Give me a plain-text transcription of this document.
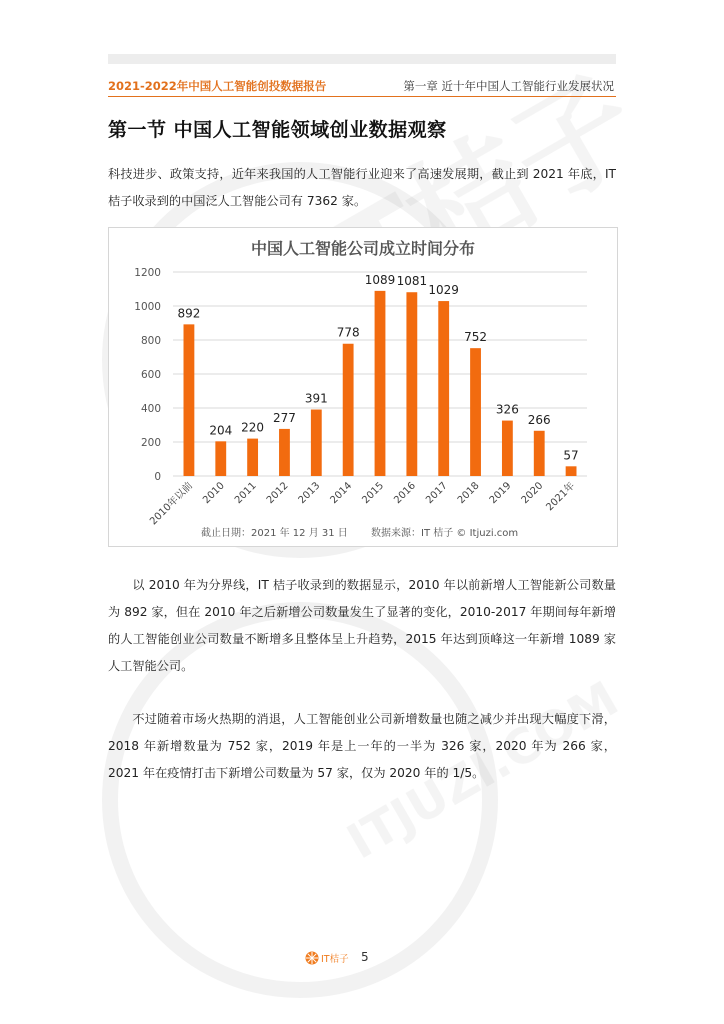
2021-2022年中国人工智能创投数据报告	第一章 近十年中国人工智能行业发展状况
第一节 中国人工智能领域创业数据观察

科技进步、政策支持，近年来我国的人工智能行业迎来了高速发展期，截止到 2021 年底，IT 桔子收录到的中国泛人工智能公司有 7362 家。

中国人工智能公司成立时间分布
892
204 220
277
391
778
1089 1081
1029
752
326
266
57
0
200
400
600
800
1000
1200
2010年以前 2010 2011 2012 2013 2014 2015 2016 2017 2018 2019 2020
2021年
截止日期：2021 年 12 月 31 日 数据来源：IT 桔子 © Itjuzi.com

以 2010 年为分界线，IT 桔子收录到的数据显示，2010 年以前新增人工智能新公司数量为 892 家，但在 2010 年之后新增公司数量发生了显著的变化，2010-2017 年期间每年新增的人工智能创业公司数量不断增多且整体呈上升趋势，2015 年达到顶峰这一年新增 1089 家人工智能公司。

不过随着市场火热期的消退，人工智能创业公司新增数量也随之减少并出现大幅度下滑，2018 年新增数量为 752 家，2019 年是上一年的一半为 326 家，2020 年为 266 家，2021 年在疫情打击下新增公司数量为 57 家，仅为 2020 年的 1/5。

IT桔子 5
